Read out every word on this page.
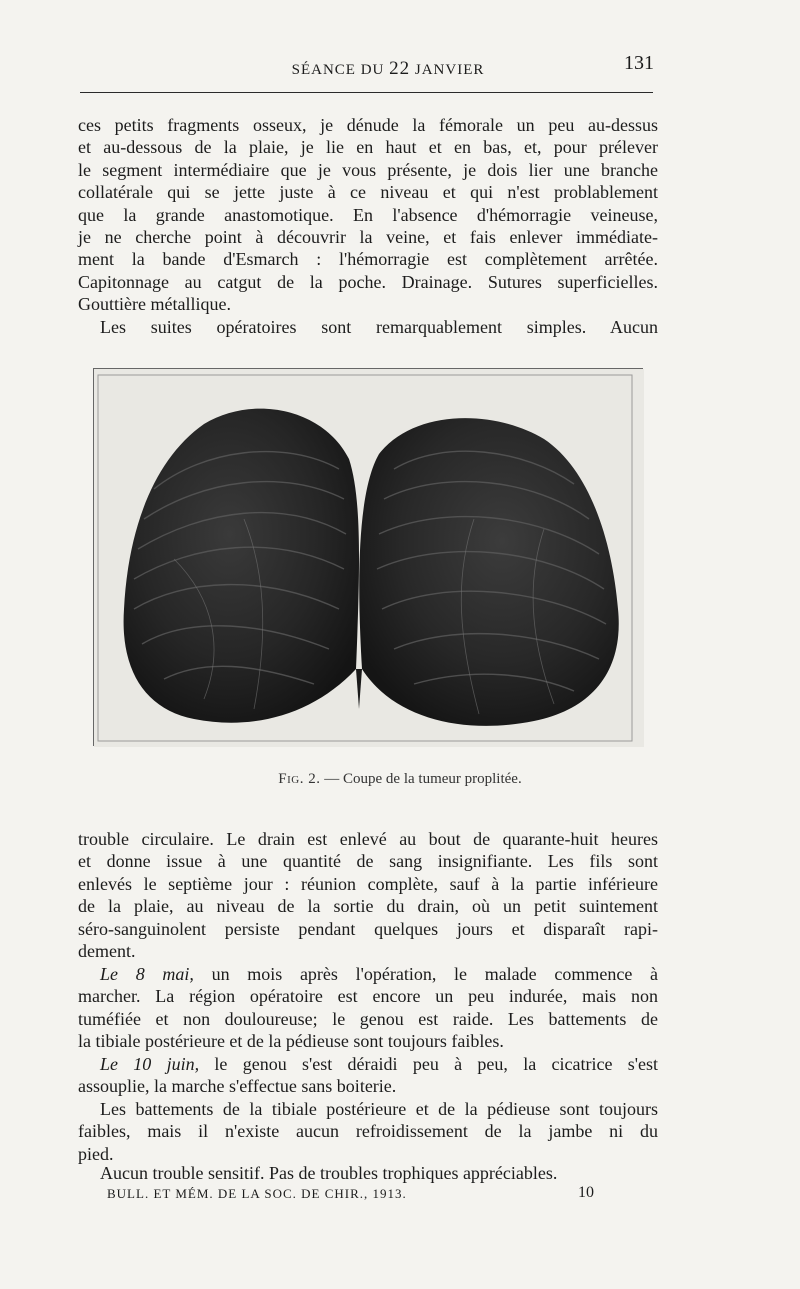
SÉANCE DU 22 JANVIER	131

ces petits fragments osseux, je dénude la fémorale un peu au-dessus
et au-dessous de la plaie, je lie en haut et en bas, et, pour prélever
le segment intermédiaire que je vous présente, je dois lier une branche
collatérale qui se jette juste à ce niveau et qui n'est problablement
que la grande anastomotique. En l'absence d'hémorragie veineuse,
je ne cherche point à découvrir la veine, et fais enlever immédiate-
ment la bande d'Esmarch : l'hémorragie est complètement arrêtée.
Capitonnage au catgut de la poche. Drainage. Sutures superficielles.
Gouttière métallique.

Les suites opératoires sont remarquablement simples. Aucun

Fig. 2. — Coupe de la tumeur proplitée.

trouble circulaire. Le drain est enlevé au bout de quarante-huit heures
et donne issue à une quantité de sang insignifiante. Les fils sont
enlevés le septième jour : réunion complète, sauf à la partie inférieure
de la plaie, au niveau de la sortie du drain, où un petit suintement
séro-sanguinolent persiste pendant quelques jours et disparaît rapi-
dement.

Le 8 mai, un mois après l'opération, le malade commence à
marcher. La région opératoire est encore un peu indurée, mais non
tuméfiée et non douloureuse; le genou est raide. Les battements de
la tibiale postérieure et de la pédieuse sont toujours faibles.

Le 10 juin, le genou s'est déraidi peu à peu, la cicatrice s'est
assouplie, la marche s'effectue sans boiterie.

Les battements de la tibiale postérieure et de la pédieuse sont toujours
faibles, mais il n'existe aucun refroidissement de la jambe ni du
pied.

Aucun trouble sensitif. Pas de troubles trophiques appréciables.

BULL. ET MÉM. DE LA SOC. DE CHIR., 1913.	10
